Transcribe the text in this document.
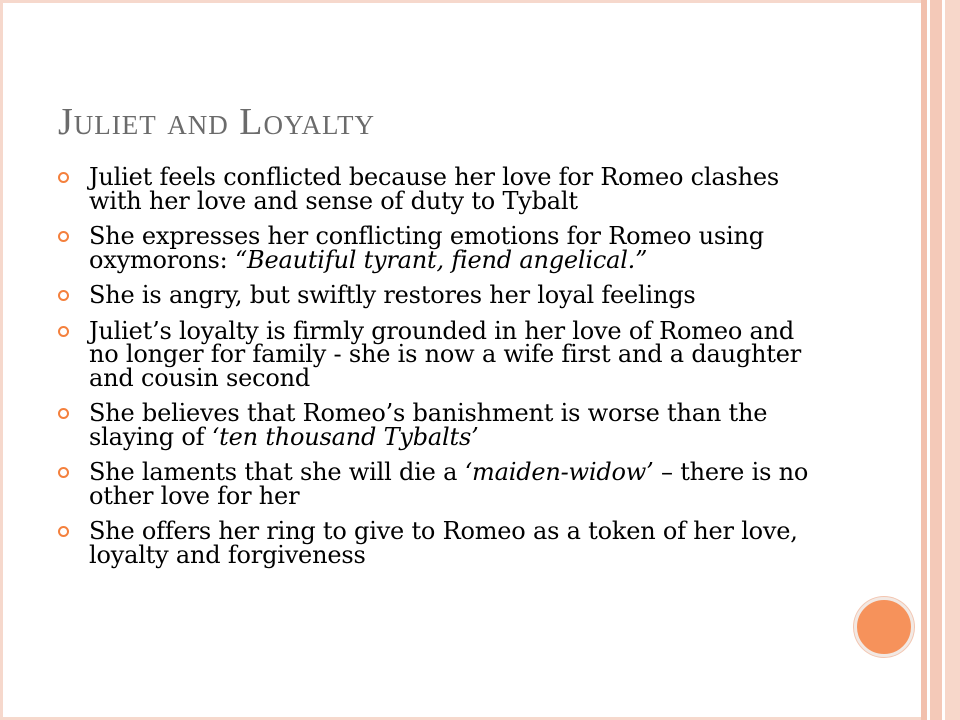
Juliet and Loyalty
Juliet feels conflicted because her love for Romeo clashes with her love and sense of duty to Tybalt
She expresses her conflicting emotions for Romeo using oxymorons: “Beautiful tyrant, fiend angelical.”
She is angry, but swiftly restores her loyal feelings
Juliet’s loyalty is firmly grounded in her love of Romeo and no longer for family - she is now a wife first and a daughter and cousin second
She believes that Romeo’s banishment is worse than the slaying of ‘ten thousand Tybalts’
She laments that she will die a ‘maiden-widow’ – there is no other love for her
She offers her ring to give to Romeo as a token of her love, loyalty and forgiveness
